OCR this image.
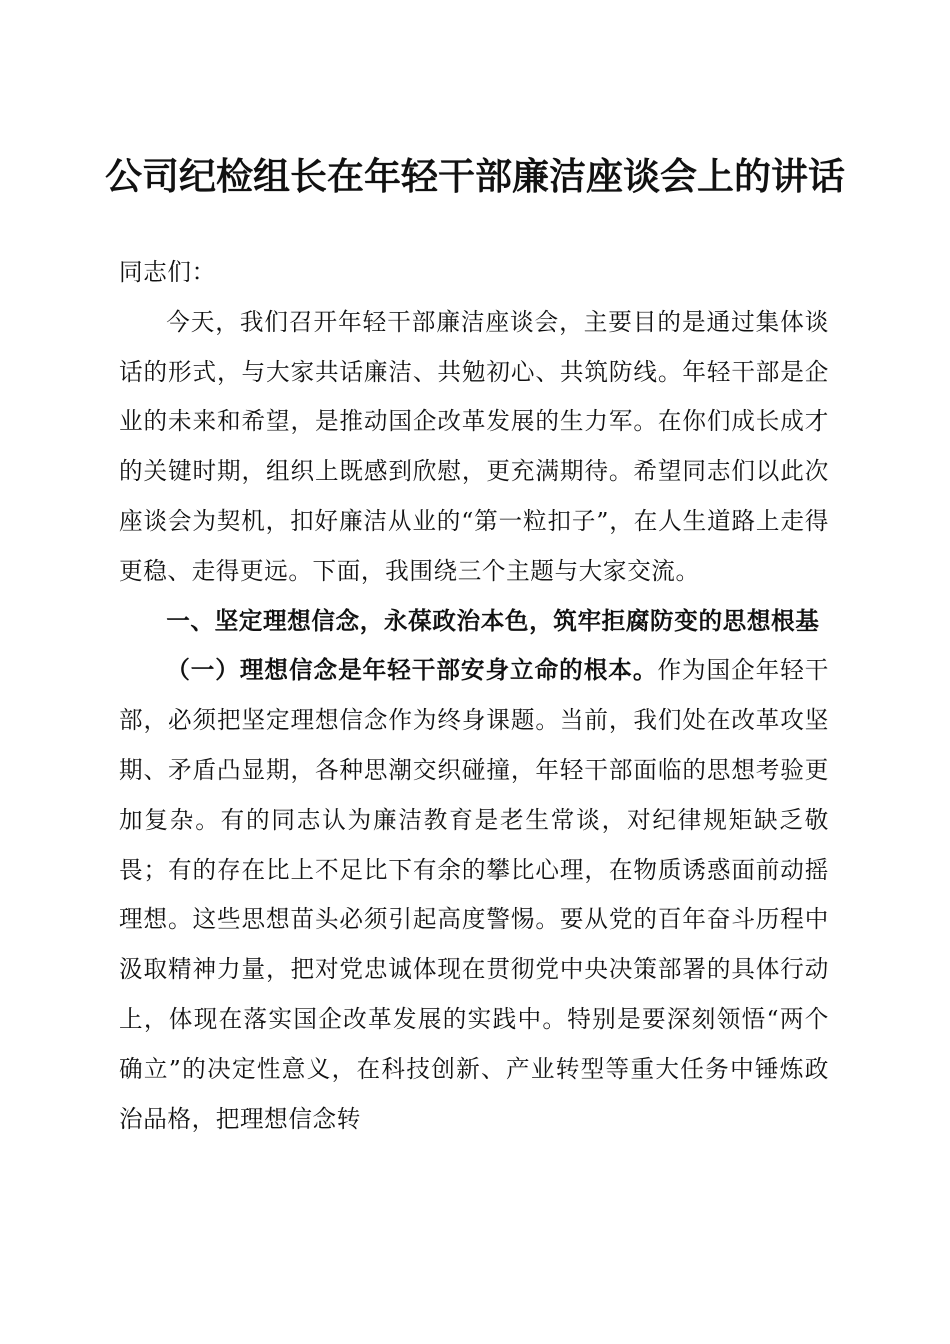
公司纪检组长在年轻干部廉洁座谈会上的讲话

同志们：

今天，我们召开年轻干部廉洁座谈会，主要目的是通过集体谈话的形式，与大家共话廉洁、共勉初心、共筑防线。年轻干部是企业的未来和希望，是推动国企改革发展的生力军。在你们成长成才的关键时期，组织上既感到欣慰，更充满期待。希望同志们以此次座谈会为契机，扣好廉洁从业的“第一粒扣子”，在人生道路上走得更稳、走得更远。下面，我围绕三个主题与大家交流。

一、坚定理想信念，永葆政治本色，筑牢拒腐防变的思想根基

（一）理想信念是年轻干部安身立命的根本。作为国企年轻干部，必须把坚定理想信念作为终身课题。当前，我们处在改革攻坚期、矛盾凸显期，各种思潮交织碰撞，年轻干部面临的思想考验更加复杂。有的同志认为廉洁教育是老生常谈，对纪律规矩缺乏敬畏；有的存在比上不足比下有余的攀比心理，在物质诱惑面前动摇理想。这些思想苗头必须引起高度警惕。要从党的百年奋斗历程中汲取精神力量，把对党忠诚体现在贯彻党中央决策部署的具体行动上，体现在落实国企改革发展的实践中。特别是要深刻领悟“两个确立”的决定性意义，在科技创新、产业转型等重大任务中锤炼政治品格，把理想信念转
